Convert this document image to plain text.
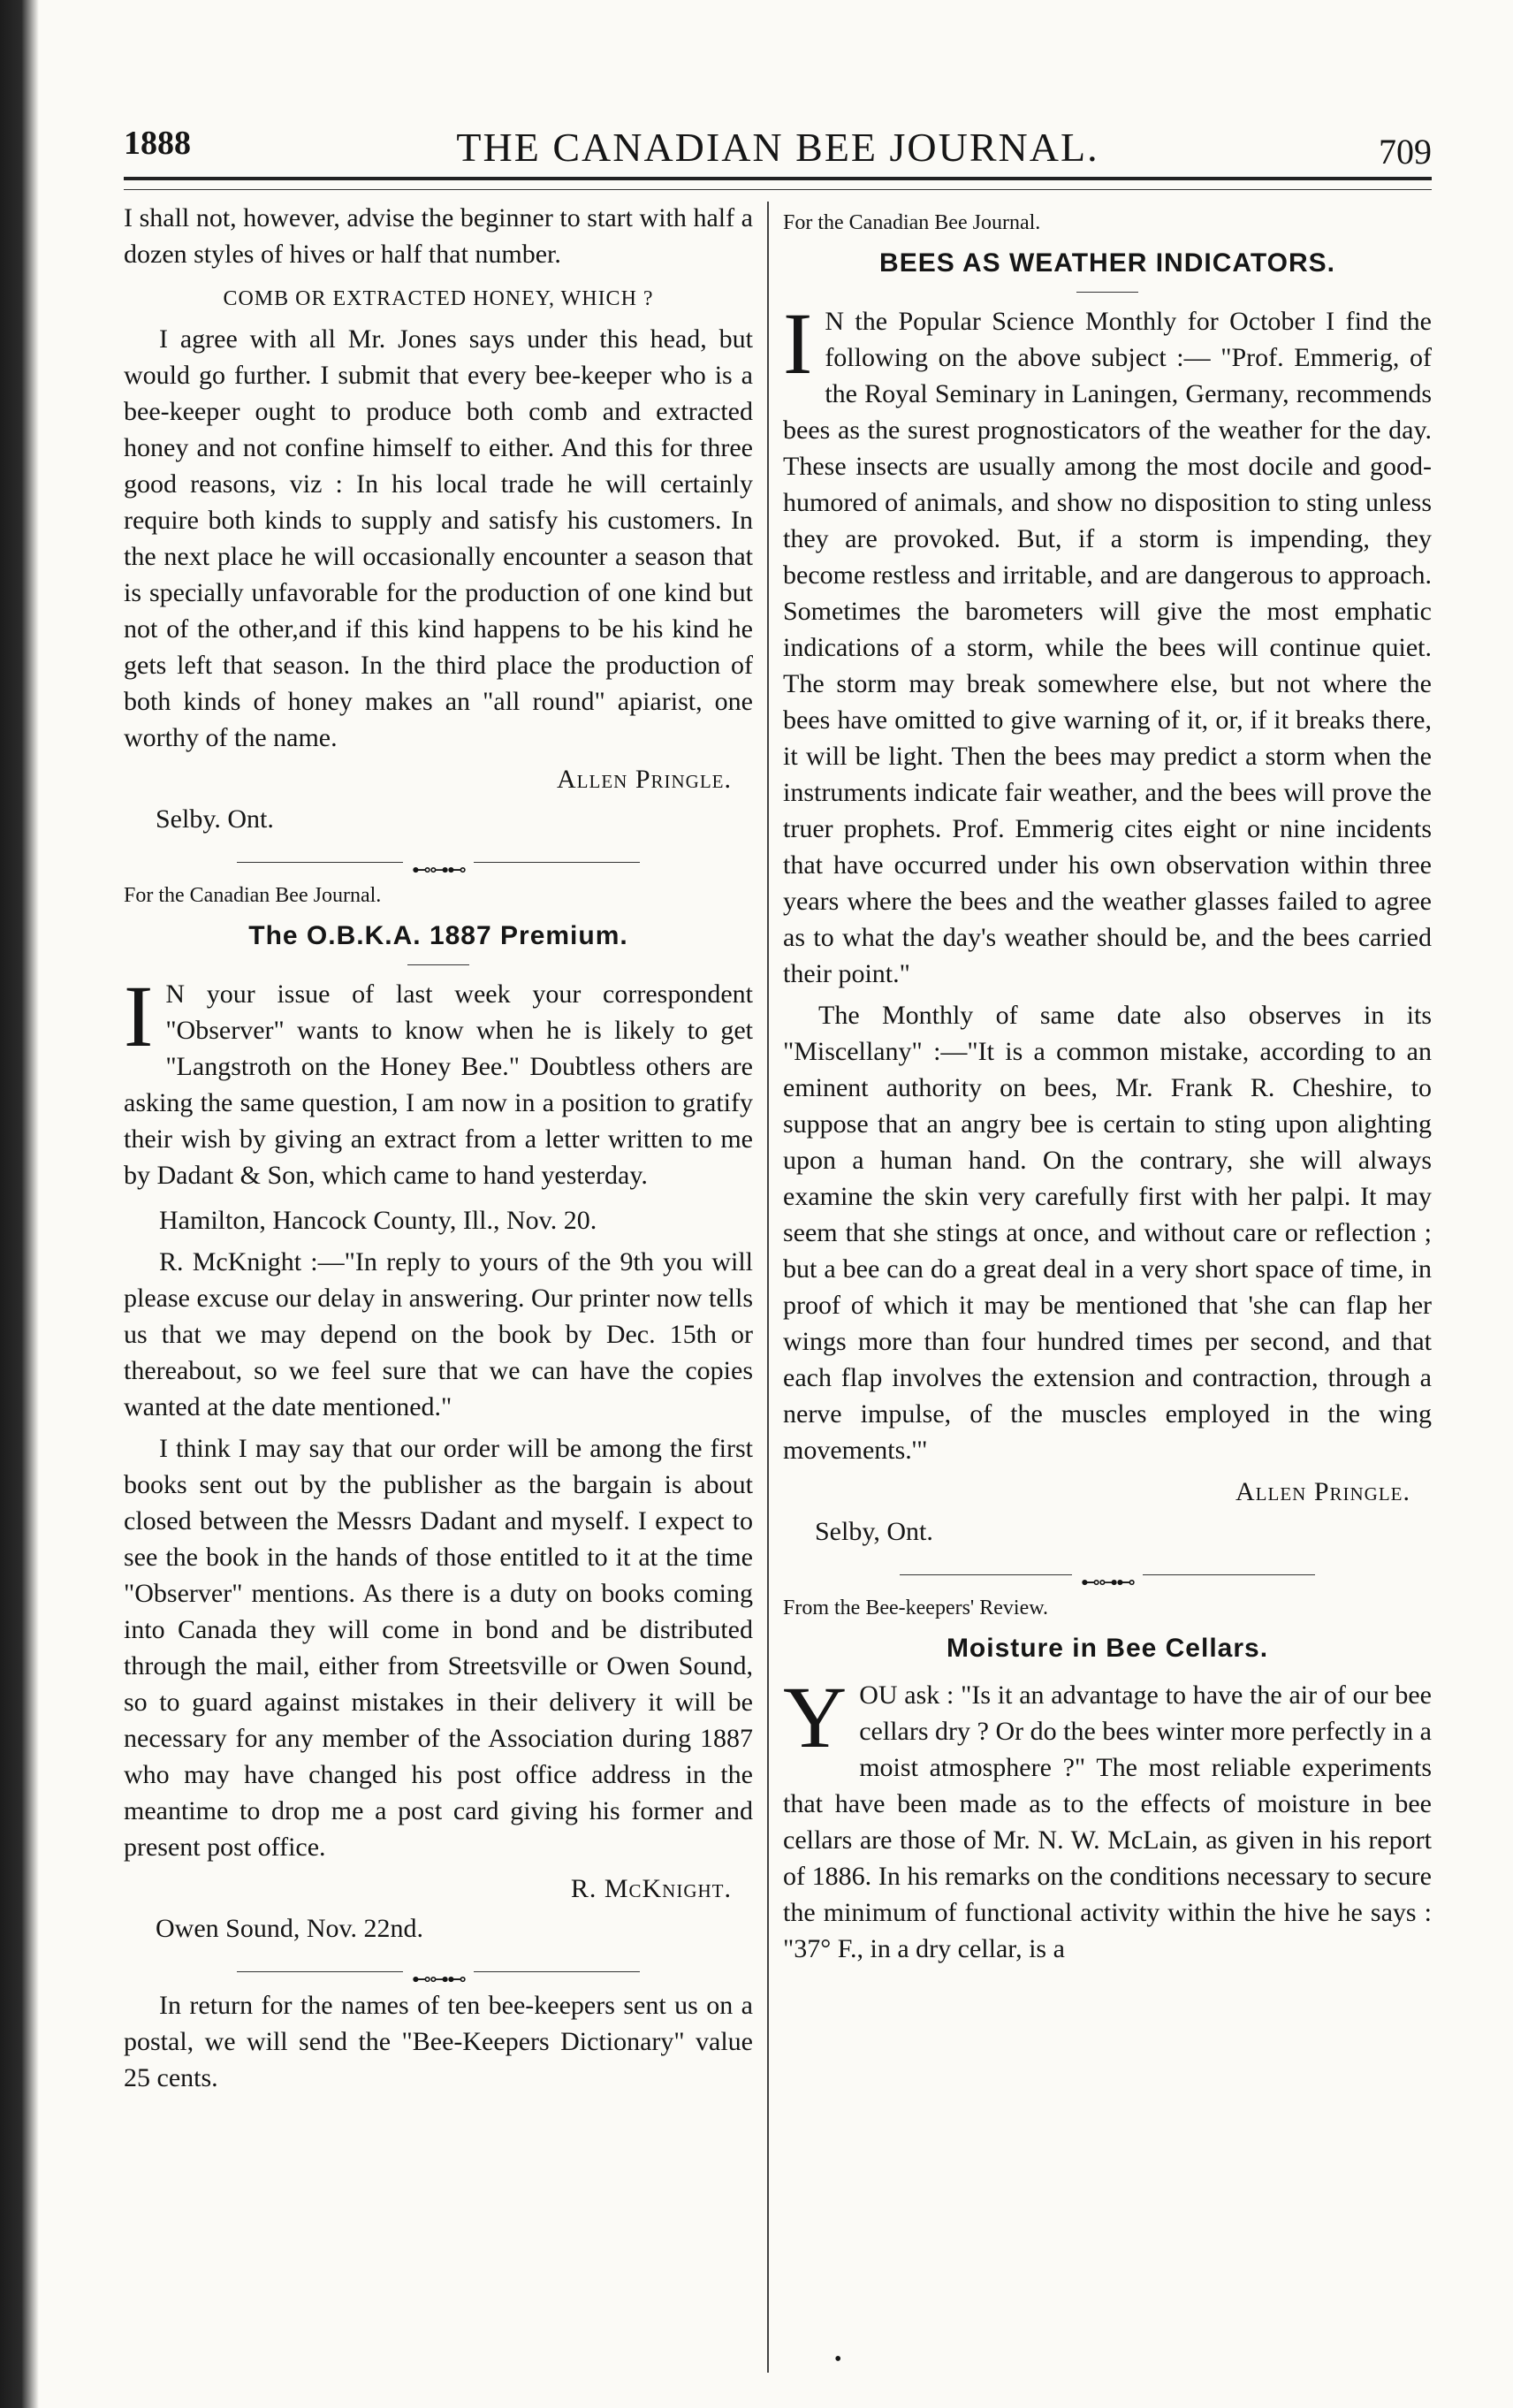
1888	THE CANADIAN BEE JOURNAL.	709

I shall not, however, advise the beginner to start with half a dozen styles of hives or half that number.

COMB OR EXTRACTED HONEY, WHICH ?

I agree with all Mr. Jones says under this head, but would go further. I submit that every bee-keeper who is a bee-keeper ought to produce both comb and extracted honey and not confine himself to either. And this for three good reasons, viz : In his local trade he will certainly require both kinds to supply and satisfy his customers. In the next place he will occasionally encounter a season that is specially unfavorable for the production of one kind but not of the other,and if this kind happens to be his kind he gets left that season. In the third place the production of both kinds of honey makes an "all round" apiarist, one worthy of the name.

Allen Pringle.
Selby. Ont.
⊷⊶⊷
For the Canadian Bee Journal.
The O.B.K.A. 1887 Premium.

I N your issue of last week your correspondent "Observer" wants to know when he is likely to get "Langstroth on the Honey Bee." Doubtless others are asking the same question, I am now in a position to gratify their wish by giving an extract from a letter written to me by Dadant & Son, which came to hand yesterday.

Hamilton, Hancock County, Ill., Nov. 20.

R. McKnight :—"In reply to yours of the 9th you will please excuse our delay in answering. Our printer now tells us that we may depend on the book by Dec. 15th or thereabout, so we feel sure that we can have the copies wanted at the date mentioned."

I think I may say that our order will be among the first books sent out by the publisher as the bargain is about closed between the Messrs Dadant and myself. I expect to see the book in the hands of those entitled to it at the time "Observer" mentions. As there is a duty on books coming into Canada they will come in bond and be distributed through the mail, either from Streetsville or Owen Sound, so to guard against mistakes in their delivery it will be necessary for any member of the Association during 1887 who may have changed his post office address in the meantime to drop me a post card giving his former and present post office.

R. McKnight.
Owen Sound, Nov. 22nd.
⊷⊶⊷

In return for the names of ten bee-keepers sent us on a postal, we will send the "Bee-Keepers Dictionary" value 25 cents.

For the Canadian Bee Journal.
BEES AS WEATHER INDICATORS.

I N the Popular Science Monthly for October I find the following on the above subject :— "Prof. Emmerig, of the Royal Seminary in Laningen, Germany, recommends bees as the surest prognosticators of the weather for the day. These insects are usually among the most docile and good-humored of animals, and show no disposition to sting unless they are provoked. But, if a storm is impending, they become restless and irritable, and are dangerous to approach. Sometimes the barometers will give the most emphatic indications of a storm, while the bees will continue quiet. The storm may break somewhere else, but not where the bees have omitted to give warning of it, or, if it breaks there, it will be light. Then the bees may predict a storm when the instruments indicate fair weather, and the bees will prove the truer prophets. Prof. Emmerig cites eight or nine incidents that have occurred under his own observation within three years where the bees and the weather glasses failed to agree as to what the day's weather should be, and the bees carried their point."

The Monthly of same date also observes in its "Miscellany" :—"It is a common mistake, according to an eminent authority on bees, Mr. Frank R. Cheshire, to suppose that an angry bee is certain to sting upon alighting upon a human hand. On the contrary, she will always examine the skin very carefully first with her palpi. It may seem that she stings at once, and without care or reflection ; but a bee can do a great deal in a very short space of time, in proof of which it may be mentioned that 'she can flap her wings more than four hundred times per second, and that each flap involves the extension and contraction, through a nerve impulse, of the muscles employed in the wing movements.'"

Allen Pringle.
Selby, Ont.
⊷⊶⊷
From the Bee-keepers' Review.
Moisture in Bee Cellars.

YOU ask : "Is it an advantage to have the air of our bee cellars dry ? Or do the bees winter more perfectly in a moist atmosphere ?" The most reliable experiments that have been made as to the effects of moisture in bee cellars are those of Mr. N. W. McLain, as given in his report of 1886. In his remarks on the conditions necessary to secure the minimum of functional activity within the hive he says : "37° F., in a dry cellar, is a

•
